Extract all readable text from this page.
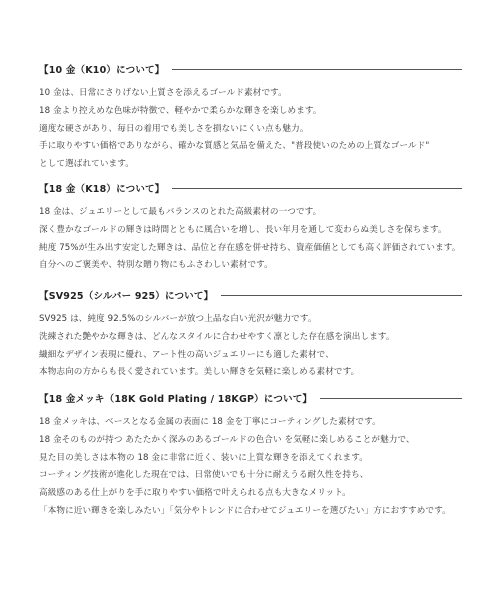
【10 金（K10）について】
10 金は、日常にさりげない上質さを添えるゴールド素材です。
18 金より控えめな色味が特徴で、軽やかで柔らかな輝きを楽しめます。
適度な硬さがあり、毎日の着用でも美しさを損ないにくい点も魅力。
手に取りやすい価格でありながら、確かな質感と気品を備えた、"普段使いのための上質なゴールド"
として選ばれています。
【18 金（K18）について】
18 金は、ジュエリーとして最もバランスのとれた高級素材の一つです。
深く豊かなゴールドの輝きは時間とともに風合いを増し、長い年月を通して変わらぬ美しさを保ちます。
純度 75%が生み出す安定した輝きは、品位と存在感を併せ持ち、資産価値としても高く評価されています。
自分へのご褒美や、特別な贈り物にもふさわしい素材です。
【SV925（シルバー 925）について】
SV925 は、純度 92.5%のシルバーが放つ上品な白い光沢が魅力です。
洗練された艶やかな輝きは、どんなスタイルに合わせやすく凛とした存在感を演出します。
繊細なデザイン表現に優れ、アート性の高いジュエリーにも適した素材で、
本物志向の方からも長く愛されています。美しい輝きを気軽に楽しめる素材です。
【18 金メッキ（18K Gold Plating / 18KGP）について】
18 金メッキは、ベースとなる金属の表面に 18 金を丁寧にコーティングした素材です。
18 金そのものが持つ あたたかく深みのあるゴールドの色合い を気軽に楽しめることが魅力で、
見た目の美しさは本物の 18 金に非常に近く、装いに上質な輝きを添えてくれます。
コーティング技術が進化した現在では、日常使いでも十分に耐えうる耐久性を持ち、
高級感のある仕上がりを手に取りやすい価格で叶えられる点も大きなメリット。
「本物に近い輝きを楽しみたい」「気分やトレンドに合わせてジュエリーを選びたい」方におすすめです。
